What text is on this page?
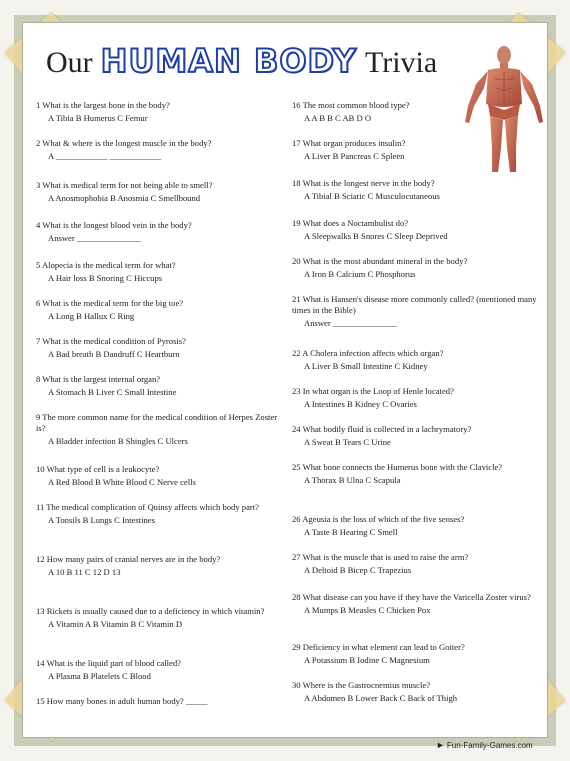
Our HUMAN BODY Trivia
1 What is the largest bone in the body?
A Tibia B Humerus C Femur
2 What & where is the longest muscle in the body?
A ____________ ____________
3 What is medical term for not being able to smell?
A Anosmophobia B Anosmia C Smellbound
4 What is the longest blood vein in the body?
Answer _______________
5 Alopecia is the medical term for what?
A Hair loss B Snoring C Hiccups
6 What is the medical term for the big toe?
A Long B Hallux C Ring
7 What is the medical condition of Pyrosis?
A Bad breath B Dandruff C Heartburn
8 What is the largest internal organ?
A Stomach B Liver C Small Intestine
9 The more common name for the medical condition of Herpes Zoster is?
A Bladder infection B Shingles C Ulcers
10 What type of cell is a leukocyte?
A Red Blood B White Blood C Nerve cells
11 The medical complication of Quinsy affects which body part?
A Tonsils B Lungs C Intestines
12 How many pairs of cranial nerves are in the body?
A 10 B 11 C 12 D 13
13 Rickets is usually caused due to a deficiency in which vitamin?
A Vitamin A B Vitamin B C Vitamin D
14 What is the liquid part of blood called?
A Plasma B Platelets C Blood
15 How many bones in adult human body? _____
16 The most common blood type?
A A B B C AB D O
17 What organ produces insulin?
A Liver B Pancreas C Spleen
18 What is the longest nerve in the body?
A Tibial B Sciatic C Musculocutaneous
19 What does a Noctambulist do?
A Sleepwalks B Snores C Sleep Deprived
20 What is the most abundant mineral in the body?
A Iron B Calcium C Phosphorus
21 What is Hansen's disease more commonly called? (mentioned many times in the Bible)
Answer _______________
22 A Cholera infection affects which organ?
A Liver B Small Intestine C Kidney
23 In what organ is the Loop of Henle located?
A Intestines B Kidney C Ovaries
24 What bodily fluid is collected in a lachrymatory?
A Sweat B Tears C Urine
25 What bone connects the Humerus bone with the Clavicle?
A Thorax B Ulna C Scapula
26 Ageusia is the loss of which of the five senses?
A Taste B Hearing C Smell
27 What is the muscle that is used to raise the arm?
A Deltoid B Bicep C Trapezius
28 What disease can you have if they have the Varicella Zoster virus?
A Mumps B Measles C Chicken Pox
29 Deficiency in what element can lead to Goiter?
A Potassium B Iodine C Magnesium
30 Where is the Gastrocnemius muscle?
A Abdomen B Lower Back C Back of Thigh
► Fun-Family-Games.com
